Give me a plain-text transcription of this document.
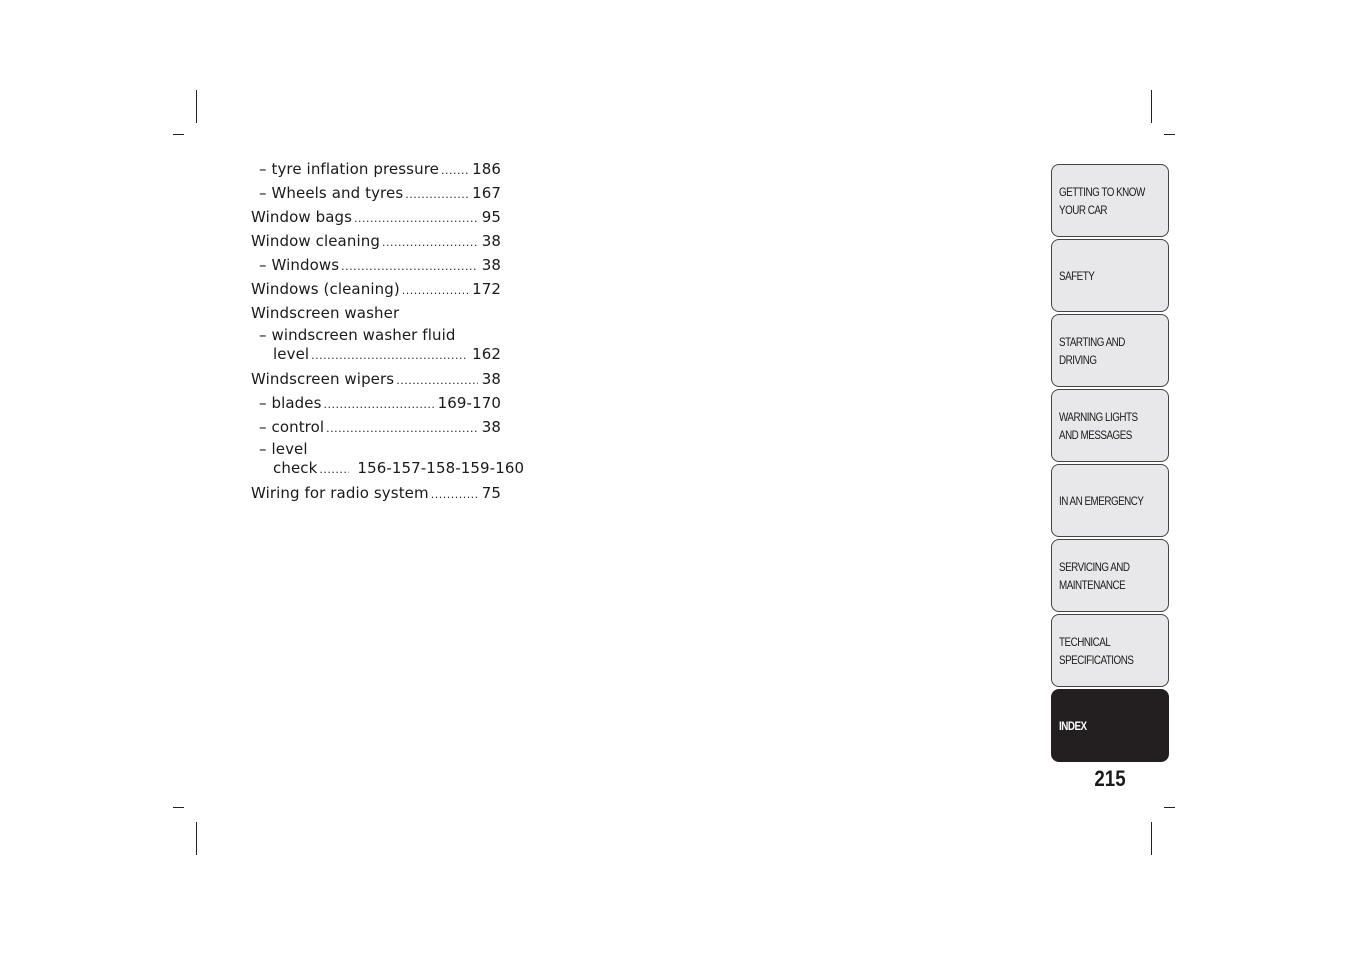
– tyre inflation pressure ..... 186
– Wheels and tyres .....	167
Window bags .....	95
Window cleaning .....	38
– Windows .....	38
Windows (cleaning) .....	172
Windscreen washer
– windscreen washer fluid
level .....	162
Windscreen wipers .....	38
– blades .....	169-170
– control .....	38
– level
check .....	156-157-158-159-160
Wiring for radio system .....	75
GETTING TO KNOW
YOUR CAR
SAFETY
STARTING AND
DRIVING
WARNING LIGHTS
AND MESSAGES
IN AN EMERGENCY
SERVICING AND
MAINTENANCE
TECHNICAL
SPECIFICATIONS
INDEX
215
